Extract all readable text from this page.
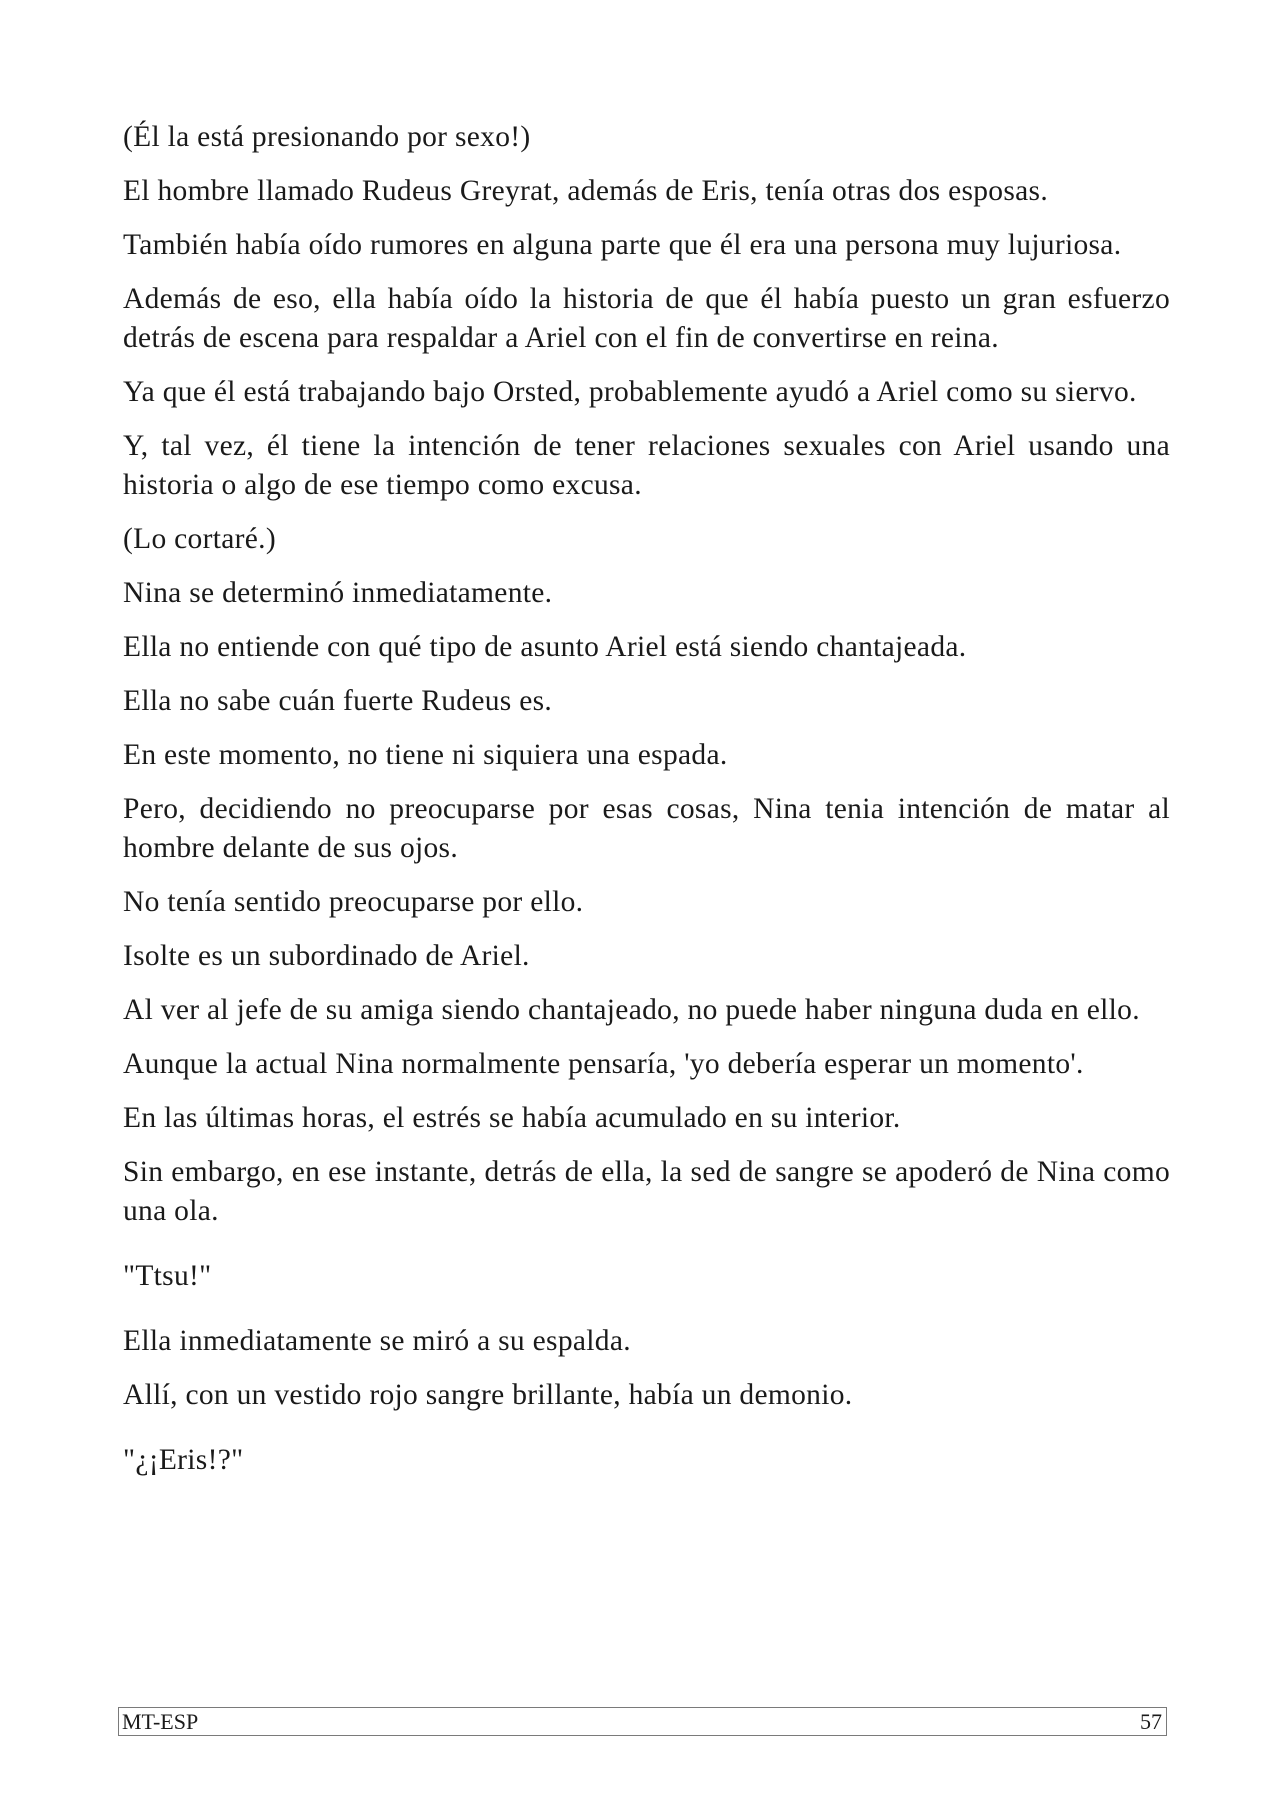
(Él la está presionando por sexo!)

El hombre llamado Rudeus Greyrat, además de Eris, tenía otras dos esposas.

También había oído rumores en alguna parte que él era una persona muy lujuriosa.

Además de eso, ella había oído la historia de que él había puesto un gran esfuerzo detrás de escena para respaldar a Ariel con el fin de convertirse en reina.

Ya que él está trabajando bajo Orsted, probablemente ayudó a Ariel como su siervo.

Y, tal vez, él tiene la intención de tener relaciones sexuales con Ariel usando una historia o algo de ese tiempo como excusa.

(Lo cortaré.)

Nina se determinó inmediatamente.

Ella no entiende con qué tipo de asunto Ariel está siendo chantajeada.

Ella no sabe cuán fuerte Rudeus es.

En este momento, no tiene ni siquiera una espada.

Pero, decidiendo no preocuparse por esas cosas, Nina tenia intención de matar al hombre delante de sus ojos.

No tenía sentido preocuparse por ello.

Isolte es un subordinado de Ariel.

Al ver al jefe de su amiga siendo chantajeado, no puede haber ninguna duda en ello.

Aunque la actual Nina normalmente pensaría, 'yo debería esperar un momento'.

En las últimas horas, el estrés se había acumulado en su interior.

Sin embargo, en ese instante, detrás de ella, la sed de sangre se apoderó de Nina como una ola.

"Ttsu!"

Ella inmediatamente se miró a su espalda.

Allí, con un vestido rojo sangre brillante, había un demonio.

"¿¡Eris!?"

MT-ESP	57
